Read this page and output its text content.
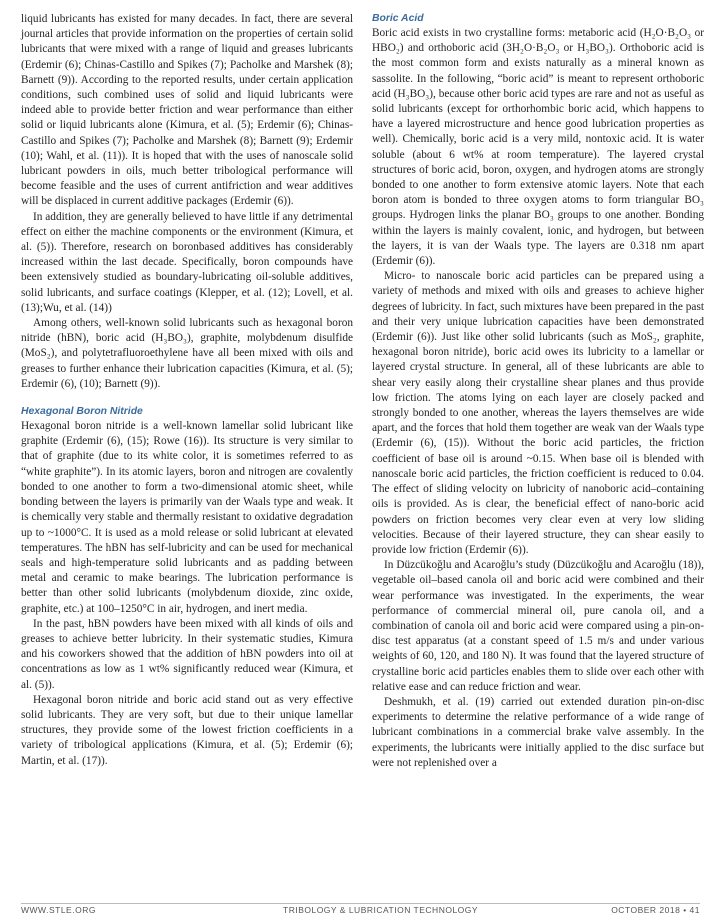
liquid lubricants has existed for many decades. In fact, there are several journal articles that provide information on the properties of certain solid lubricants that were mixed with a range of liquid and greases lubricants (Erdemir (6); Chinas-Castillo and Spikes (7); Pacholke and Marshek (8); Barnett (9)). According to the reported results, under certain application conditions, such combined uses of solid and liquid lubricants were indeed able to provide better friction and wear performance than either solid or liquid lubricants alone (Kimura, et al. (5); Erdemir (6); Chinas- Castillo and Spikes (7); Pacholke and Marshek (8); Barnett (9); Erdemir (10); Wahl, et al. (11)). It is hoped that with the uses of nanoscale solid lubricant powders in oils, much better tribological performance will become feasible and the uses of current antifriction and wear additives will be displaced in current additive packages (Erdemir (6)).

In addition, they are generally believed to have little if any detrimental effect on either the machine components or the environment (Kimura, et al. (5)). Therefore, research on boronbased additives has considerably increased within the last decade. Specifically, boron compounds have been extensively studied as boundary-lubricating oil-soluble additives, solid lubricants, and surface coatings (Klepper, et al. (12); Lovell, et al. (13);Wu, et al. (14))

Among others, well-known solid lubricants such as hexagonal boron nitride (hBN), boric acid (H₃BO₃), graphite, molybdenum disulfide (MoS₂), and polytetrafluoroethylene have all been mixed with oils and greases to further enhance their lubrication capacities (Kimura, et al. (5); Erdemir (6), (10); Barnett (9)).

Hexagonal Boron Nitride

Hexagonal boron nitride is a well-known lamellar solid lubricant like graphite (Erdemir (6), (15); Rowe (16)). Its structure is very similar to that of graphite (due to its white color, it is sometimes referred to as “white graphite”). In its atomic layers, boron and nitrogen are covalently bonded to one another to form a two-dimensional atomic sheet, while bonding between the layers is primarily van der Waals type and weak. It is chemically very stable and thermally resistant to oxidative degradation up to ~1000°C. It is used as a mold release or solid lubricant at elevated temperatures. The hBN has self-lubricity and can be used for mechanical seals and high-temperature solid lubricants and as padding between metal and ceramic to make bearings. The lubrication performance is better than other solid lubricants (molybdenum dioxide, zinc oxide, graphite, etc.) at 100–1250°C in air, hydrogen, and inert media.

In the past, hBN powders have been mixed with all kinds of oils and greases to achieve better lubricity. In their systematic studies, Kimura and his coworkers showed that the addition of hBN powders into oil at concentrations as low as 1 wt% significantly reduced wear (Kimura, et al. (5)).

Hexagonal boron nitride and boric acid stand out as very effective solid lubricants. They are very soft, but due to their unique lamellar structures, they provide some of the lowest friction coefficients in a variety of tribological applications (Kimura, et al. (5); Erdemir (6); Martin, et al. (17)).

Boric Acid

Boric acid exists in two crystalline forms: metaboric acid (H₂O·B₂O₃ or HBO₂) and orthoboric acid (3H₂O·B₂O₃ or H₃BO₃). Orthoboric acid is the most common form and exists naturally as a mineral known as sassolite. In the following, “boric acid” is meant to represent orthoboric acid (H₃BO₃), because other boric acid types are rare and not as useful as solid lubricants (except for orthorhombic boric acid, which happens to have a layered microstructure and hence good lubrication properties as well). Chemically, boric acid is a very mild, nontoxic acid. It is water soluble (about 6 wt% at room temperature). The layered crystal structures of boric acid, boron, oxygen, and hydrogen atoms are strongly bonded to one another to form extensive atomic layers. Note that each boron atom is bonded to three oxygen atoms to form triangular BO₃ groups. Hydrogen links the planar BO₃ groups to one another. Bonding within the layers is mainly covalent, ionic, and hydrogen, but between the layers, it is van der Waals type. The layers are 0.318 nm apart (Erdemir (6)).

Micro- to nanoscale boric acid particles can be prepared using a variety of methods and mixed with oils and greases to achieve higher degrees of lubricity. In fact, such mixtures have been prepared in the past and their very unique lubrication capacities have been demonstrated (Erdemir (6)). Just like other solid lubricants (such as MoS₂, graphite, hexagonal boron nitride), boric acid owes its lubricity to a lamellar or layered crystal structure. In general, all of these lubricants are able to shear very easily along their crystalline shear planes and thus provide low friction. The atoms lying on each layer are closely packed and strongly bonded to one another, whereas the layers themselves are wide apart, and the forces that hold them together are weak van der Waals type (Erdemir (6), (15)). Without the boric acid particles, the friction coefficient of base oil is around ~0.15. When base oil is blended with nanoscale boric acid particles, the friction coefficient is reduced to 0.04. The effect of sliding velocity on lubricity of nanoboric acid–containing oils is provided. As is clear, the beneficial effect of nano-boric acid powders on friction becomes very clear even at very low sliding velocities. Because of their layered structure, they can shear easily to provide low friction (Erdemir (6)).

In Düzcükoğlu and Acaroğlu’s study (Düzcükoğlu and Acaroğlu (18)), vegetable oil–based canola oil and boric acid were combined and their wear performance was investigated. In the experiments, the wear performance of commercial mineral oil, pure canola oil, and a combination of canola oil and boric acid were compared using a pin-on-disc test apparatus (at a constant speed of 1.5 m/s and under various weights of 60, 120, and 180 N). It was found that the layered structure of crystalline boric acid particles enables them to slide over each other with relative ease and can reduce friction and wear.

Deshmukh, et al. (19) carried out extended duration pin-on-disc experiments to determine the relative performance of a wide range of lubricant combinations in a commercial brake valve assembly. In the experiments, the lubricants were initially applied to the disc surface but were not replenished over a

WWW.STLE.ORG	TRIBOLOGY & LUBRICATION TECHNOLOGY	OCTOBER 2018 • 41
